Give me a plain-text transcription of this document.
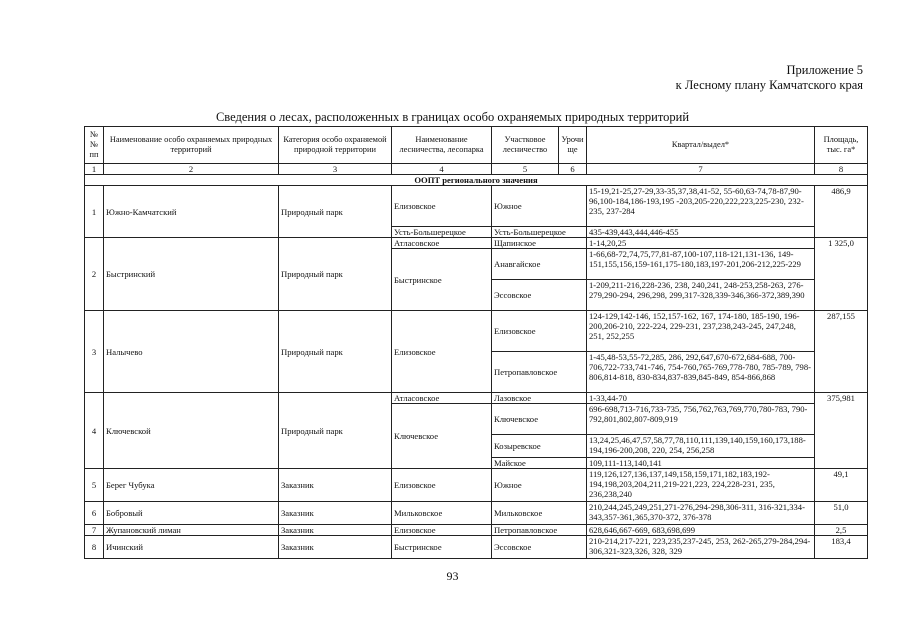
Приложение 5
к Лесному плану Камчатского края
Сведения о лесах, расположенных в границах особо охраняемых природных территорий
№ № пп	Наименование особо охраняемых природных территорий	Категория особо охраняемой природной территории	Наименование лесничества, лесопарка	Участковое лесничество	Урочи ще	Квартал/выдел*	Площадь, тыс. га*
1	2	3	4	5	6	7	8
ООПТ регионального значения							
1	Южно-Камчатский	Природный парк	Елизовское	Южное		15-19,21-25,27-29,33-35,37,38,41-52, 55-60,63-74,78-87,90-96,100-184,186-193,195 -203,205-220,222,223,225-230, 232-235, 237-284	486,9
			Усть-Большерецкое	Усть-Большерецкое		435-439,443,444,446-455	
2	Быстринский	Природный парк	Атласовское	Щапинское		1-14,20,25	1 325,0
			Быстринское	Анавгайское		1-66,68-72,74,75,77,81-87,100-107,118-121,131-136, 149-151,155,156,159-161,175-180,183,197-201,206-212,225-229	
				Эссовское		1-209,211-216,228-236, 238, 240,241, 248-253,258-263, 276-279,290-294, 296,298, 299,317-328,339-346,366-372,389,390	
3	Налычево	Природный парк	Елизовское	Елизовское		124-129,142-146, 152,157-162, 167, 174-180, 185-190, 196-200,206-210, 222-224, 229-231, 237,238,243-245, 247,248, 251, 252,255	287,155
				Петропавловское		1-45,48-53,55-72,285, 286, 292,647,670-672,684-688, 700-706,722-733,741-746, 754-760,765-769,778-780, 785-789, 798-806,814-818, 830-834,837-839,845-849, 854-866,868	
4	Ключевской	Природный парк	Атласовское	Лазовское		1-33,44-70	375,981
			Ключевское	Ключевское		696-698,713-716,733-735, 756,762,763,769,770,780-783, 790-792,801,802,807-809,919	
				Козыревское		13,24,25,46,47,57,58,77,78,110,111,139,140,159,160,173,188-194,196-200,208, 220, 254, 256,258	
				Майское		109,111-113,140,141	
5	Берег Чубука	Заказник	Елизовское	Южное		119,126,127,136,137,149,158,159,171,182,183,192-194,198,203,204,211,219-221,223, 224,228-231, 235, 236,238,240	49,1
6	Бобровый	Заказник	Мильковское	Мильковское		210,244,245,249,251,271-276,294-298,306-311, 316-321,334-343,357-361,365,370-372, 376-378	51,0
7	Жупановский лиман	Заказник	Елизовское	Петропавловское		628,646,667-669, 683,698,699	2,5
8	Ичинский	Заказник	Быстринское	Эссовское		210-214,217-221, 223,235,237-245, 253, 262-265,279-284,294-306,321-323,326, 328, 329	183,4
93
